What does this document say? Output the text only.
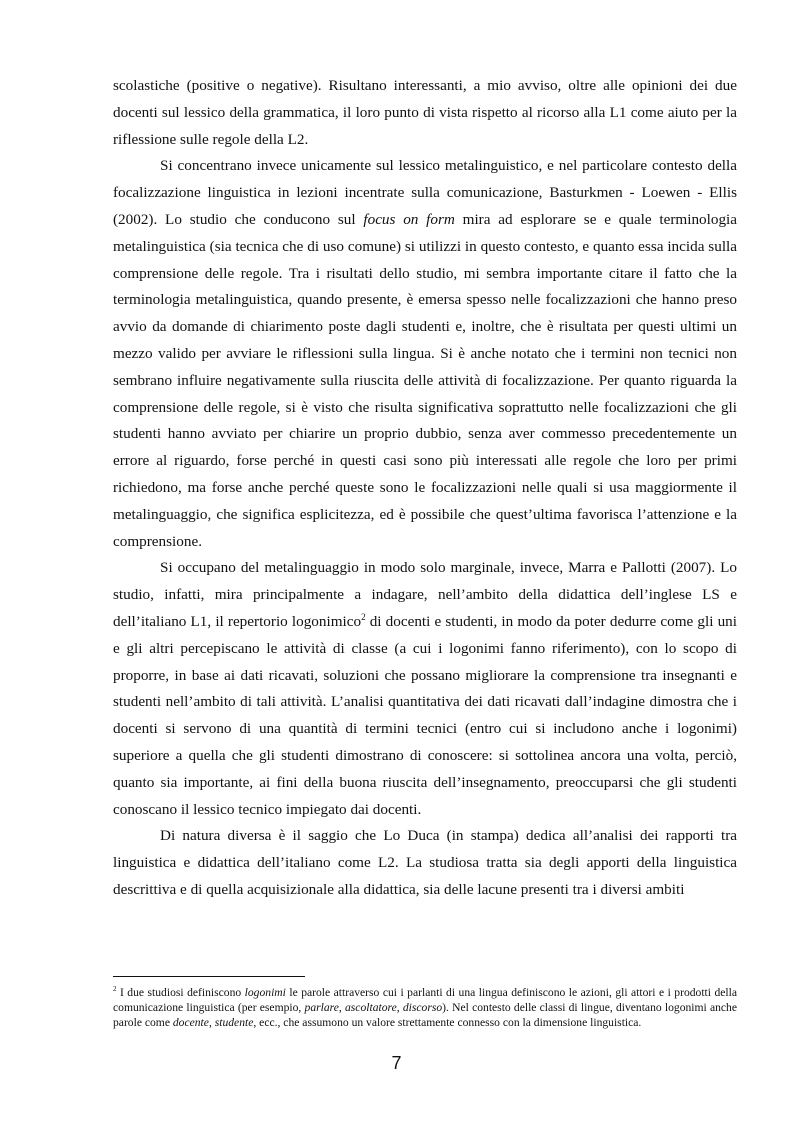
scolastiche (positive o negative). Risultano interessanti, a mio avviso, oltre alle opinioni dei due docenti sul lessico della grammatica, il loro punto di vista rispetto al ricorso alla L1 come aiuto per la riflessione sulle regole della L2.

Si concentrano invece unicamente sul lessico metalinguistico, e nel particolare contesto della focalizzazione linguistica in lezioni incentrate sulla comunicazione, Basturkmen - Loewen - Ellis (2002). Lo studio che conducono sul focus on form mira ad esplorare se e quale terminologia metalinguistica (sia tecnica che di uso comune) si utilizzi in questo contesto, e quanto essa incida sulla comprensione delle regole. Tra i risultati dello studio, mi sembra importante citare il fatto che la terminologia metalinguistica, quando presente, è emersa spesso nelle focalizzazioni che hanno preso avvio da domande di chiarimento poste dagli studenti e, inoltre, che è risultata per questi ultimi un mezzo valido per avviare le riflessioni sulla lingua. Si è anche notato che i termini non tecnici non sembrano influire negativamente sulla riuscita delle attività di focalizzazione. Per quanto riguarda la comprensione delle regole, si è visto che risulta significativa soprattutto nelle focalizzazioni che gli studenti hanno avviato per chiarire un proprio dubbio, senza aver commesso precedentemente un errore al riguardo, forse perché in questi casi sono più interessati alle regole che loro per primi richiedono, ma forse anche perché queste sono le focalizzazioni nelle quali si usa maggiormente il metalinguaggio, che significa esplicitezza, ed è possibile che quest’ultima favorisca l’attenzione e la comprensione.

Si occupano del metalinguaggio in modo solo marginale, invece, Marra e Pallotti (2007). Lo studio, infatti, mira principalmente a indagare, nell’ambito della didattica dell’inglese LS e dell’italiano L1, il repertorio logonimico$^2$ di docenti e studenti, in modo da poter dedurre come gli uni e gli altri percepiscano le attività di classe (a cui i logonimi fanno riferimento), con lo scopo di proporre, in base ai dati ricavati, soluzioni che possano migliorare la comprensione tra insegnanti e studenti nell’ambito di tali attività. L’analisi quantitativa dei dati ricavati dall’indagine dimostra che i docenti si servono di una quantità di termini tecnici (entro cui si includono anche i logonimi) superiore a quella che gli studenti dimostrano di conoscere: si sottolinea ancora una volta, perciò, quanto sia importante, ai fini della buona riuscita dell’insegnamento, preoccuparsi che gli studenti conoscano il lessico tecnico impiegato dai docenti.

Di natura diversa è il saggio che Lo Duca (in stampa) dedica all’analisi dei rapporti tra linguistica e didattica dell’italiano come L2. La studiosa tratta sia degli apporti della linguistica descrittiva e di quella acquisizionale alla didattica, sia delle lacune presenti tra i diversi ambiti

$^2$ I due studiosi definiscono logonimi le parole attraverso cui i parlanti di una lingua definiscono le azioni, gli attori e i prodotti della comunicazione linguistica (per esempio, parlare, ascoltatore, discorso). Nel contesto delle classi di lingue, diventano logonimi anche parole come docente, studente, ecc., che assumono un valore strettamente connesso con la dimensione linguistica.

7
